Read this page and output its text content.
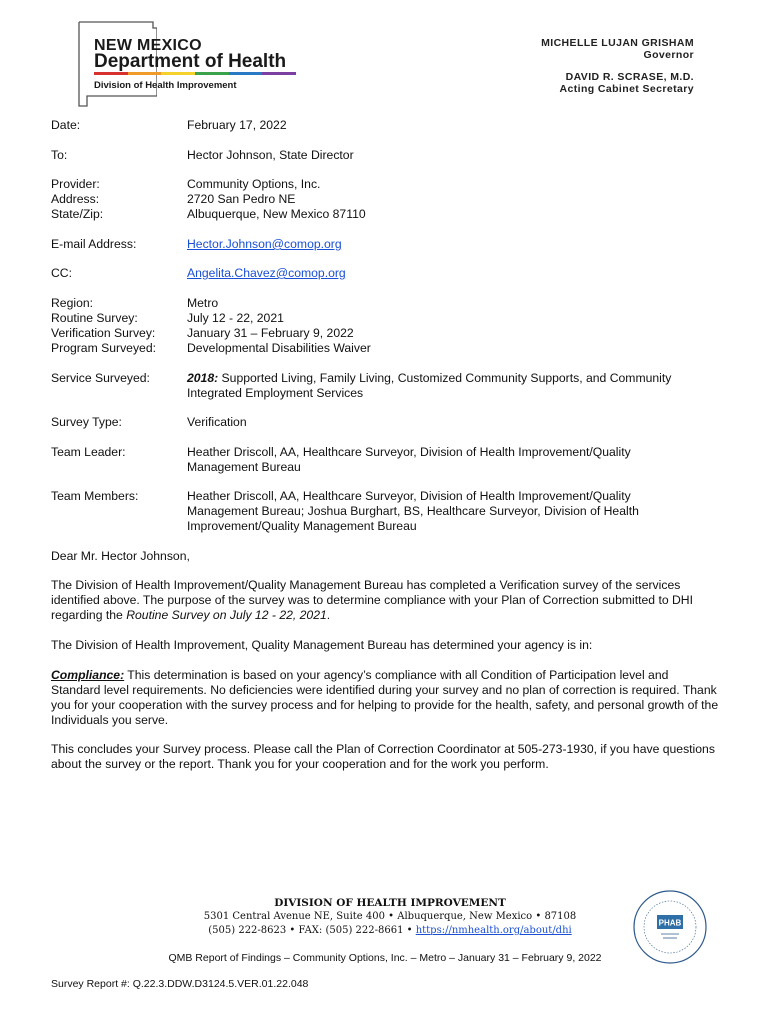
NEW MEXICO
Department of Health
Division of Health Improvement
MICHELLE LUJAN GRISHAM
Governor
DAVID R. SCRASE, M.D.
Acting Cabinet Secretary
Date:	February 17, 2022
To:	Hector Johnson, State Director
Provider:	Community Options, Inc.
Address:	2720 San Pedro NE
State/Zip:	Albuquerque, New Mexico 87110
E-mail Address:	Hector.Johnson@comop.org
CC:	Angelita.Chavez@comop.org
Region:	Metro
Routine Survey:	July 12 - 22, 2021
Verification Survey:	January 31 – February 9, 2022
Program Surveyed:	Developmental Disabilities Waiver
Service Surveyed:	2018: Supported Living, Family Living, Customized Community Supports, and Community Integrated Employment Services
Survey Type:	Verification
Team Leader:	Heather Driscoll, AA, Healthcare Surveyor, Division of Health Improvement/Quality Management Bureau
Team Members:	Heather Driscoll, AA, Healthcare Surveyor, Division of Health Improvement/Quality Management Bureau; Joshua Burghart, BS, Healthcare Surveyor, Division of Health Improvement/Quality Management Bureau
Dear Mr. Hector Johnson,
The Division of Health Improvement/Quality Management Bureau has completed a Verification survey of the services identified above. The purpose of the survey was to determine compliance with your Plan of Correction submitted to DHI regarding the Routine Survey on July 12 - 22, 2021.
The Division of Health Improvement, Quality Management Bureau has determined your agency is in:
Compliance: This determination is based on your agency’s compliance with all Condition of Participation level and Standard level requirements. No deficiencies were identified during your survey and no plan of correction is required. Thank you for your cooperation with the survey process and for helping to provide for the health, safety, and personal growth of the Individuals you serve.
This concludes your Survey process. Please call the Plan of Correction Coordinator at 505-273-1930, if you have questions about the survey or the report. Thank you for your cooperation and for the work you perform.
DIVISION OF HEALTH IMPROVEMENT
5301 Central Avenue NE, Suite 400 • Albuquerque, New Mexico • 87108
(505) 222-8623 • FAX: (505) 222-8661 • https://nmhealth.org/about/dhi
PHAB
QMB Report of Findings – Community Options, Inc. – Metro – January 31 – February 9, 2022
Survey Report #: Q.22.3.DDW.D3124.5.VER.01.22.048
